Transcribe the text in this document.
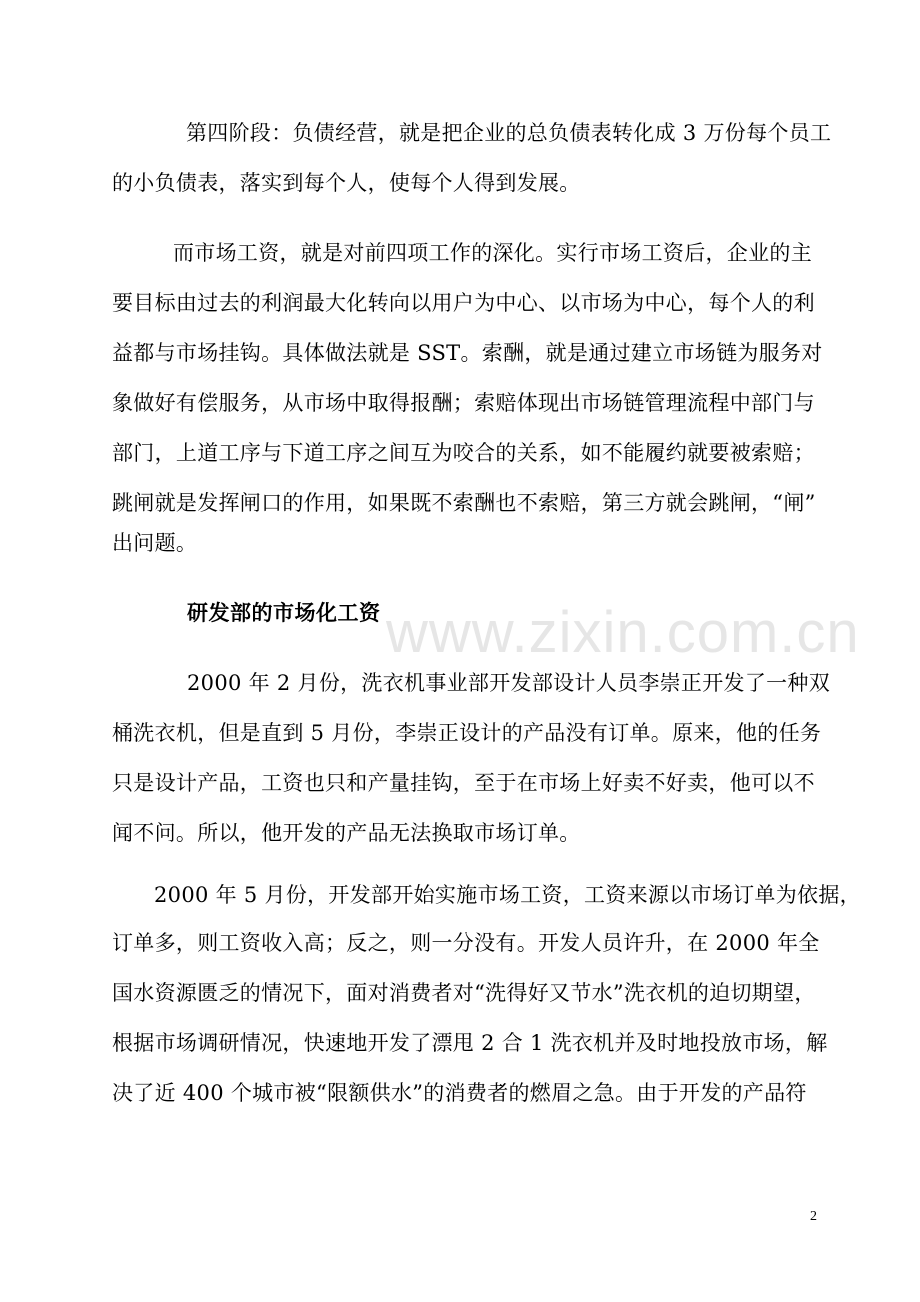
www.zixin.com.cn
第四阶段：负债经营，就是把企业的总负债表转化成 3 万份每个员工
的小负债表，落实到每个人，使每个人得到发展。
而市场工资，就是对前四项工作的深化。实行市场工资后，企业的主
要目标由过去的利润最大化转向以用户为中心、以市场为中心，每个人的利
益都与市场挂钩。具体做法就是 SST。索酬，就是通过建立市场链为服务对
象做好有偿服务，从市场中取得报酬；索赔体现出市场链管理流程中部门与
部门，上道工序与下道工序之间互为咬合的关系，如不能履约就要被索赔；
跳闸就是发挥闸口的作用，如果既不索酬也不索赔，第三方就会跳闸，“闸”
出问题。
研发部的市场化工资
2000 年 2 月份，洗衣机事业部开发部设计人员李崇正开发了一种双
桶洗衣机，但是直到 5 月份，李崇正设计的产品没有订单。原来，他的任务
只是设计产品，工资也只和产量挂钩，至于在市场上好卖不好卖，他可以不
闻不问。所以，他开发的产品无法换取市场订单。
2000 年 5 月份，开发部开始实施市场工资，工资来源以市场订单为依据，
订单多，则工资收入高；反之，则一分没有。开发人员许升，在 2000 年全
国水资源匮乏的情况下，面对消费者对“洗得好又节水”洗衣机的迫切期望，
根据市场调研情况，快速地开发了漂甩 2 合 1 洗衣机并及时地投放市场，解
决了近 400 个城市被“限额供水”的消费者的燃眉之急。由于开发的产品符
2
